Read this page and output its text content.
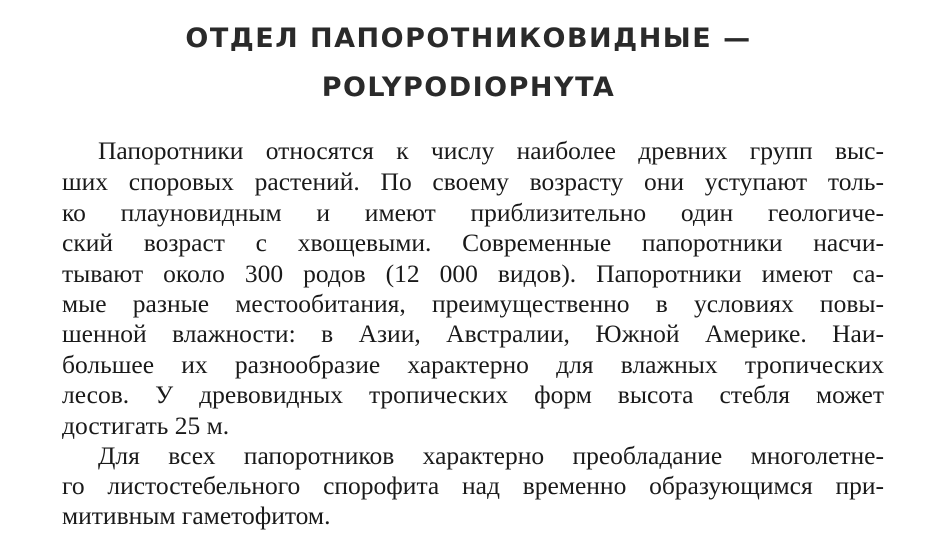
ОТДЕЛ ПАПОРОТНИКОВИДНЫЕ —
POLYPODIOPHYTA
Папоротники относятся к числу наиболее древних групп выс-
ших споровых растений. По своему возрасту они уступают толь-
ко плауновидным и имеют приблизительно один геологиче-
ский возраст с хвощевыми. Современные папоротники насчи-
тывают около 300 родов (12 000 видов). Папоротники имеют са-
мые разные местообитания, преимущественно в условиях повы-
шенной влажности: в Азии, Австралии, Южной Америке. Наи-
большее их разнообразие характерно для влажных тропических
лесов. У древовидных тропических форм высота стебля может
достигать 25 м.
Для всех папоротников характерно преобладание многолетне-
го листостебельного спорофита над временно образующимся при-
митивным гаметофитом.
